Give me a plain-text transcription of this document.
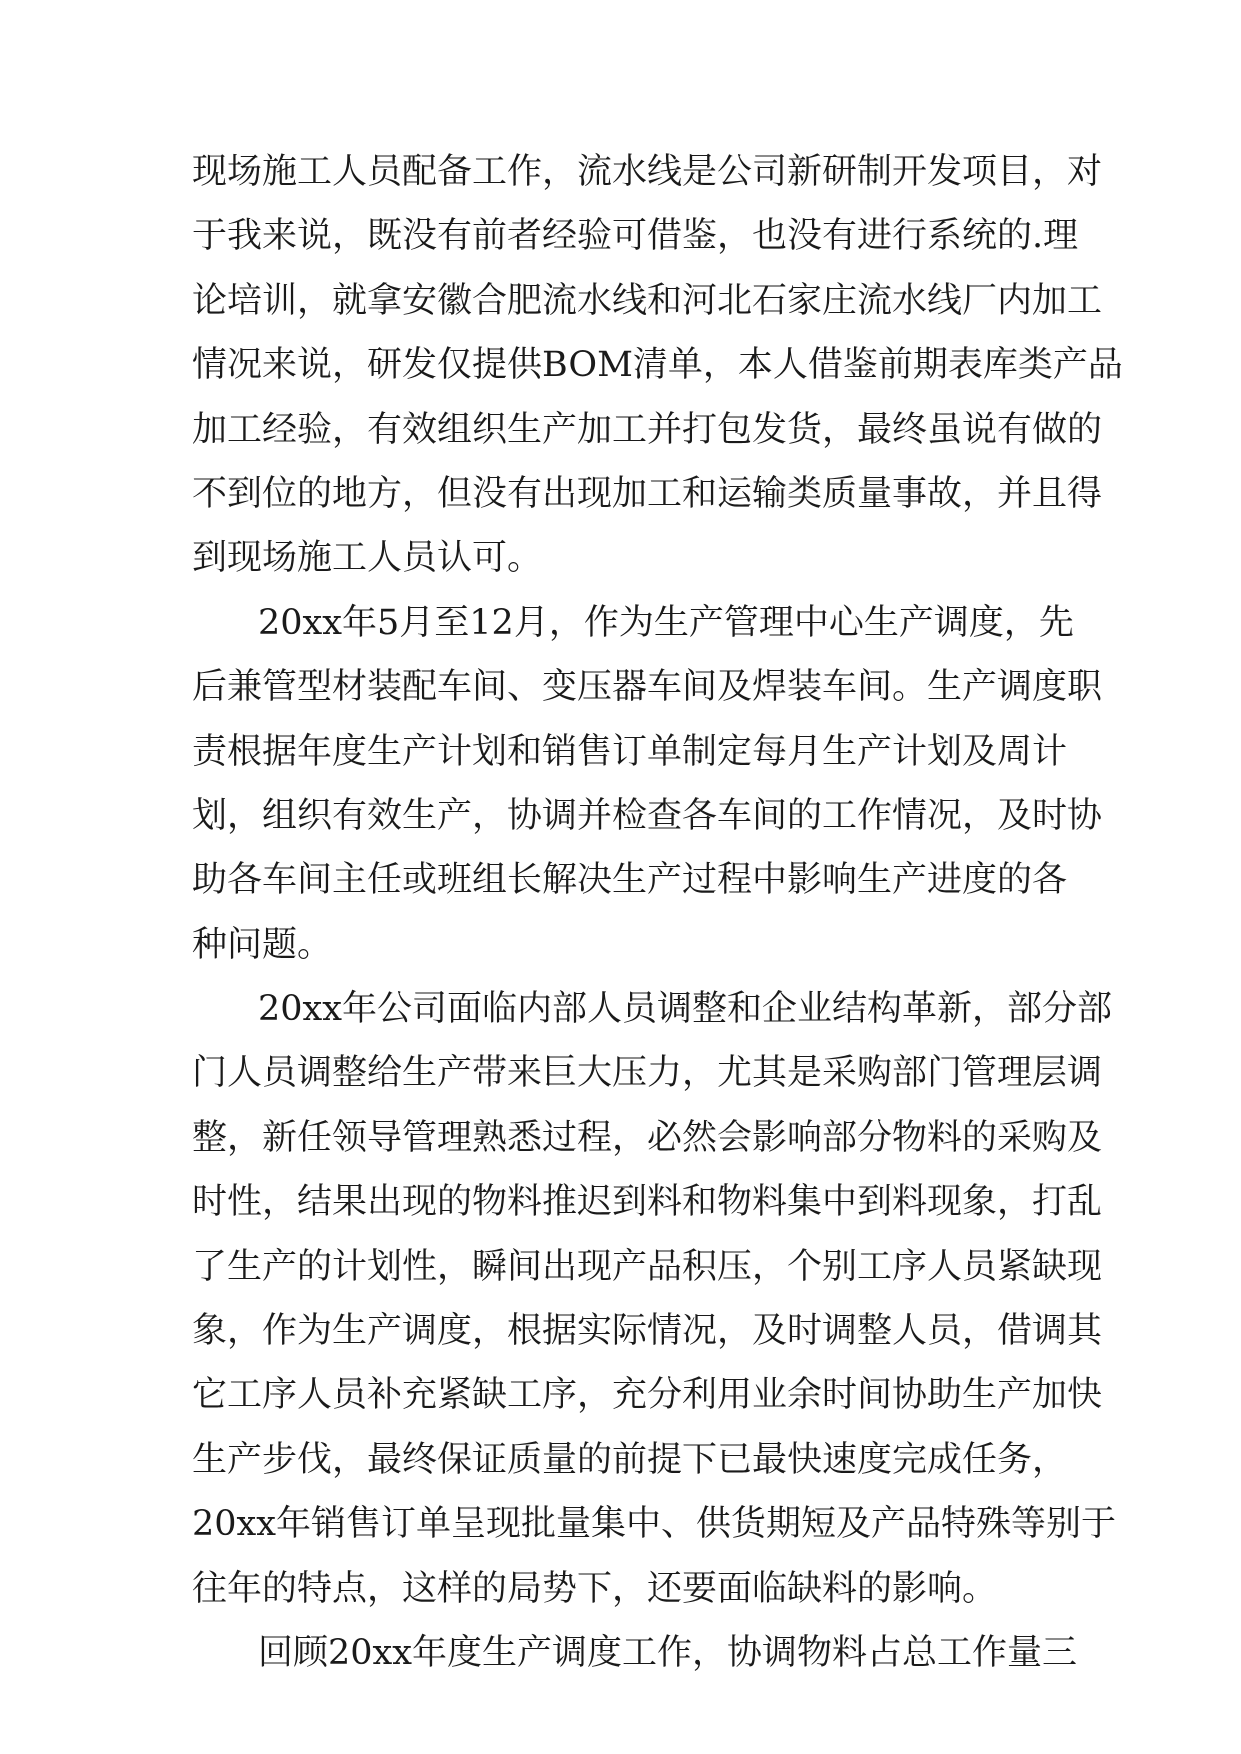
现场施工人员配备工作，流水线是公司新研制开发项目，对
于我来说，既没有前者经验可借鉴，也没有进行系统的.理
论培训，就拿安徽合肥流水线和河北石家庄流水线厂内加工
情况来说，研发仅提供BOM清单，本人借鉴前期表库类产品
加工经验，有效组织生产加工并打包发货，最终虽说有做的
不到位的地方，但没有出现加工和运输类质量事故，并且得
到现场施工人员认可。
20xx年5月至12月，作为生产管理中心生产调度，先
后兼管型材装配车间、变压器车间及焊装车间。生产调度职
责根据年度生产计划和销售订单制定每月生产计划及周计
划，组织有效生产，协调并检查各车间的工作情况，及时协
助各车间主任或班组长解决生产过程中影响生产进度的各
种问题。
20xx年公司面临内部人员调整和企业结构革新，部分部
门人员调整给生产带来巨大压力，尤其是采购部门管理层调
整，新任领导管理熟悉过程，必然会影响部分物料的采购及
时性，结果出现的物料推迟到料和物料集中到料现象，打乱
了生产的计划性，瞬间出现产品积压，个别工序人员紧缺现
象，作为生产调度，根据实际情况，及时调整人员，借调其
它工序人员补充紧缺工序，充分利用业余时间协助生产加快
生产步伐，最终保证质量的前提下已最快速度完成任务，
20xx年销售订单呈现批量集中、供货期短及产品特殊等别于
往年的特点，这样的局势下，还要面临缺料的影响。
回顾20xx年度生产调度工作，协调物料占总工作量三
